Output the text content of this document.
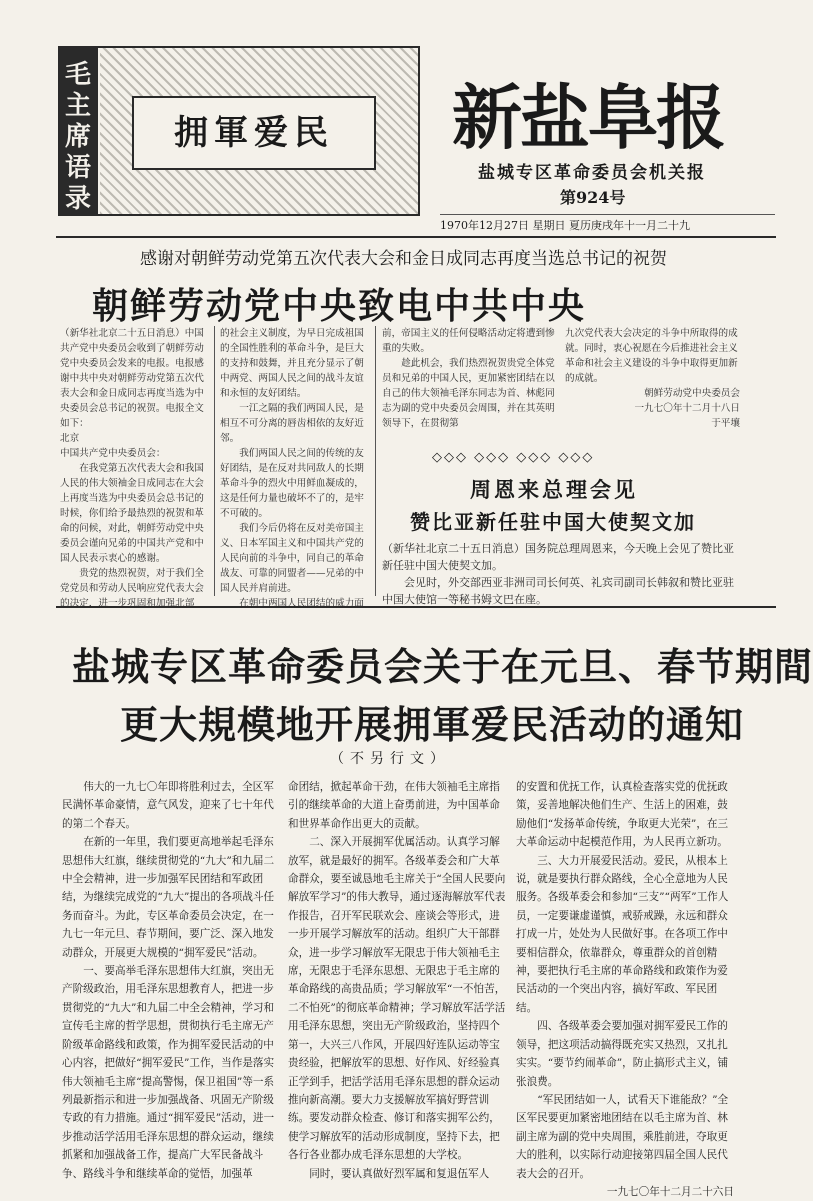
毛主席语录
拥軍爱民	新盐阜报
盐城专区革命委员会机关报
第924号
1970年12月27日 星期日 夏历庚戌年十一月二十九
感谢对朝鲜劳动党第五次代表大会和金日成同志再度当选总书记的祝贺
朝鲜劳动党中央致电中共中央

（新华社北京二十五日消息）中国共产党中央委员会收到了朝鲜劳动党中央委员会发来的电报。电报感谢中共中央对朝鲜劳动党第五次代表大会和金日成同志再度当选为中央委员会总书记的祝贺。电报全文如下：

北京

中国共产党中央委员会：

在我党第五次代表大会和我国人民的伟大领袖金日成同志在大会上再度当选为中央委员会总书记的时候，你们给予最热烈的祝贺和革命的问候，对此，朝鲜劳动党中央委员会谨向兄弟的中国共产党和中国人民表示衷心的感谢。

贵党的热烈祝贺，对于我们全党党员和劳动人民响应党代表大会的决定，进一步巩固和加强北部

的社会主义制度，为早日完成祖国的全国性胜利的革命斗争，是巨大的支持和鼓舞，并且充分显示了朝中两党、两国人民之间的战斗友谊和永恒的友好团结。

一江之隔的我们两国人民，是相互不可分离的唇齿相依的友好近邻。

我们两国人民之间的传统的友好团结，是在反对共同敌人的长期革命斗争的烈火中用鲜血凝成的，这是任何力量也破坏不了的，是牢不可破的。

我们今后仍将在反对美帝国主义、日本军国主义和中国共产党的人民向前的斗争中，同自己的革命战友、可靠的同盟者——兄弟的中国人民并肩前进。

在朝中两国人民团结的威力面

前，帝国主义的任何侵略活动定将遭到惨重的失败。

趁此机会，我们热烈祝贺贵党全体党员和兄弟的中国人民，更加紧密团结在以自己的伟大领袖毛泽东同志为首、林彪同志为副的党中央委员会周围，并在其英明领导下，在贯彻第

九次党代表大会决定的斗争中所取得的成就。同时，衷心祝愿在今后推进社会主义革命和社会主义建设的斗争中取得更加新的成就。

朝鲜劳动党中央委员会

一九七〇年十二月十八日

于平壤

◇◇◇ ◇◇◇ ◇◇◇ ◇◇◇
周恩来总理会见
赞比亚新任驻中国大使契文加

（新华社北京二十五日消息）国务院总理周恩来，今天晚上会见了赞比亚新任驻中国大使契文加。

会见时，外交部西亚非洲司司长何英、礼宾司副司长韩叙和赞比亚驻中国大使馆一等秘书姆文巴在座。

盐城专区革命委员会关于在元旦、春节期間
更大規模地开展拥軍爱民活动的通知
（不另行文）

伟大的一九七〇年即将胜利过去，全区军民满怀革命豪情，意气风发，迎来了七十年代的第二个春天。

在新的一年里，我们要更高地举起毛泽东思想伟大红旗，继续贯彻党的“九大”和九届二中全会精神，进一步加强军民团结和军政团结，为继续完成党的“九大”提出的各项战斗任务而奋斗。为此，专区革命委员会决定，在一九七一年元旦、春节期间，要广泛、深入地发动群众，开展更大规模的“拥军爱民”活动。

一、要高举毛泽东思想伟大红旗，突出无产阶级政治，用毛泽东思想教育人，把进一步贯彻党的“九大”和九届二中全会精神，学习和宣传毛主席的哲学思想，贯彻执行毛主席无产阶级革命路线和政策，作为拥军爱民活动的中心内容，把做好“拥军爱民”工作，当作是落实伟大领袖毛主席“提高警惕，保卫祖国”等一系列最新指示和进一步加强战备、巩固无产阶级专政的有力措施。通过“拥军爱民”活动，进一步推动活学活用毛泽东思想的群众运动，继续抓紧和加强战备工作，提高广大军民备战斗争、路线斗争和继续革命的觉悟，加强革

命团结，掀起革命干劲，在伟大领袖毛主席指引的继续革命的大道上奋勇前进，为中国革命和世界革命作出更大的贡献。

二、深入开展拥军优属活动。认真学习解放军，就是最好的拥军。各级革委会和广大革命群众，要至诚恳地毛主席关于“全国人民要向解放军学习”的伟大教导，通过逐海解放军代表作报告，召开军民联欢会、座谈会等形式，进一步开展学习解放军的活动。组织广大干部群众，进一步学习解放军无限忠于伟大领袖毛主席，无限忠于毛泽东思想、无限忠于毛主席的革命路线的高贵品质；学习解放军“一不怕苦，二不怕死”的彻底革命精神；学习解放军活学活用毛泽东思想，突出无产阶级政治，坚持四个第一，大兴三八作风，开展四好连队运动等宝贵经验，把解放军的思想、好作风、好经验真正学到手，把活学活用毛泽东思想的群众运动推向新高潮。要大力支援解放军搞好野营训练。要发动群众检查、修订和落实拥军公约，使学习解放军的活动形成制度，坚持下去，把各行各业都办成毛泽东思想的大学校。

同时，要认真做好烈军属和复退伍军人

的安置和优抚工作，认真检查落实党的优抚政策，妥善地解决他们生产、生活上的困难，鼓励他们“发扬革命传统，争取更大光荣”，在三大革命运动中起模范作用，为人民再立新功。

三、大力开展爱民活动。爱民，从根本上说，就是要执行群众路线，全心全意地为人民服务。各级革委会和参加“三支”“两军”工作人员，一定要谦虚谨慎，戒骄戒躁，永远和群众打成一片，处处为人民做好事。在各项工作中要相信群众，依靠群众，尊重群众的首创精神，要把执行毛主席的革命路线和政策作为爱民活动的一个突出内容，搞好军政、军民团结。

四、各级革委会要加强对拥军爱民工作的领导，把这项活动搞得既充实又热烈，又扎扎实实。“要节约闹革命”，防止搞形式主义，铺张浪费。

“军民团结如一人，试看天下谁能敌？”全区军民要更加紧密地团结在以毛主席为首、林副主席为副的党中央周围，乘胜前进，夺取更大的胜利，以实际行动迎接第四届全国人民代表大会的召开。

一九七〇年十二月二十六日
